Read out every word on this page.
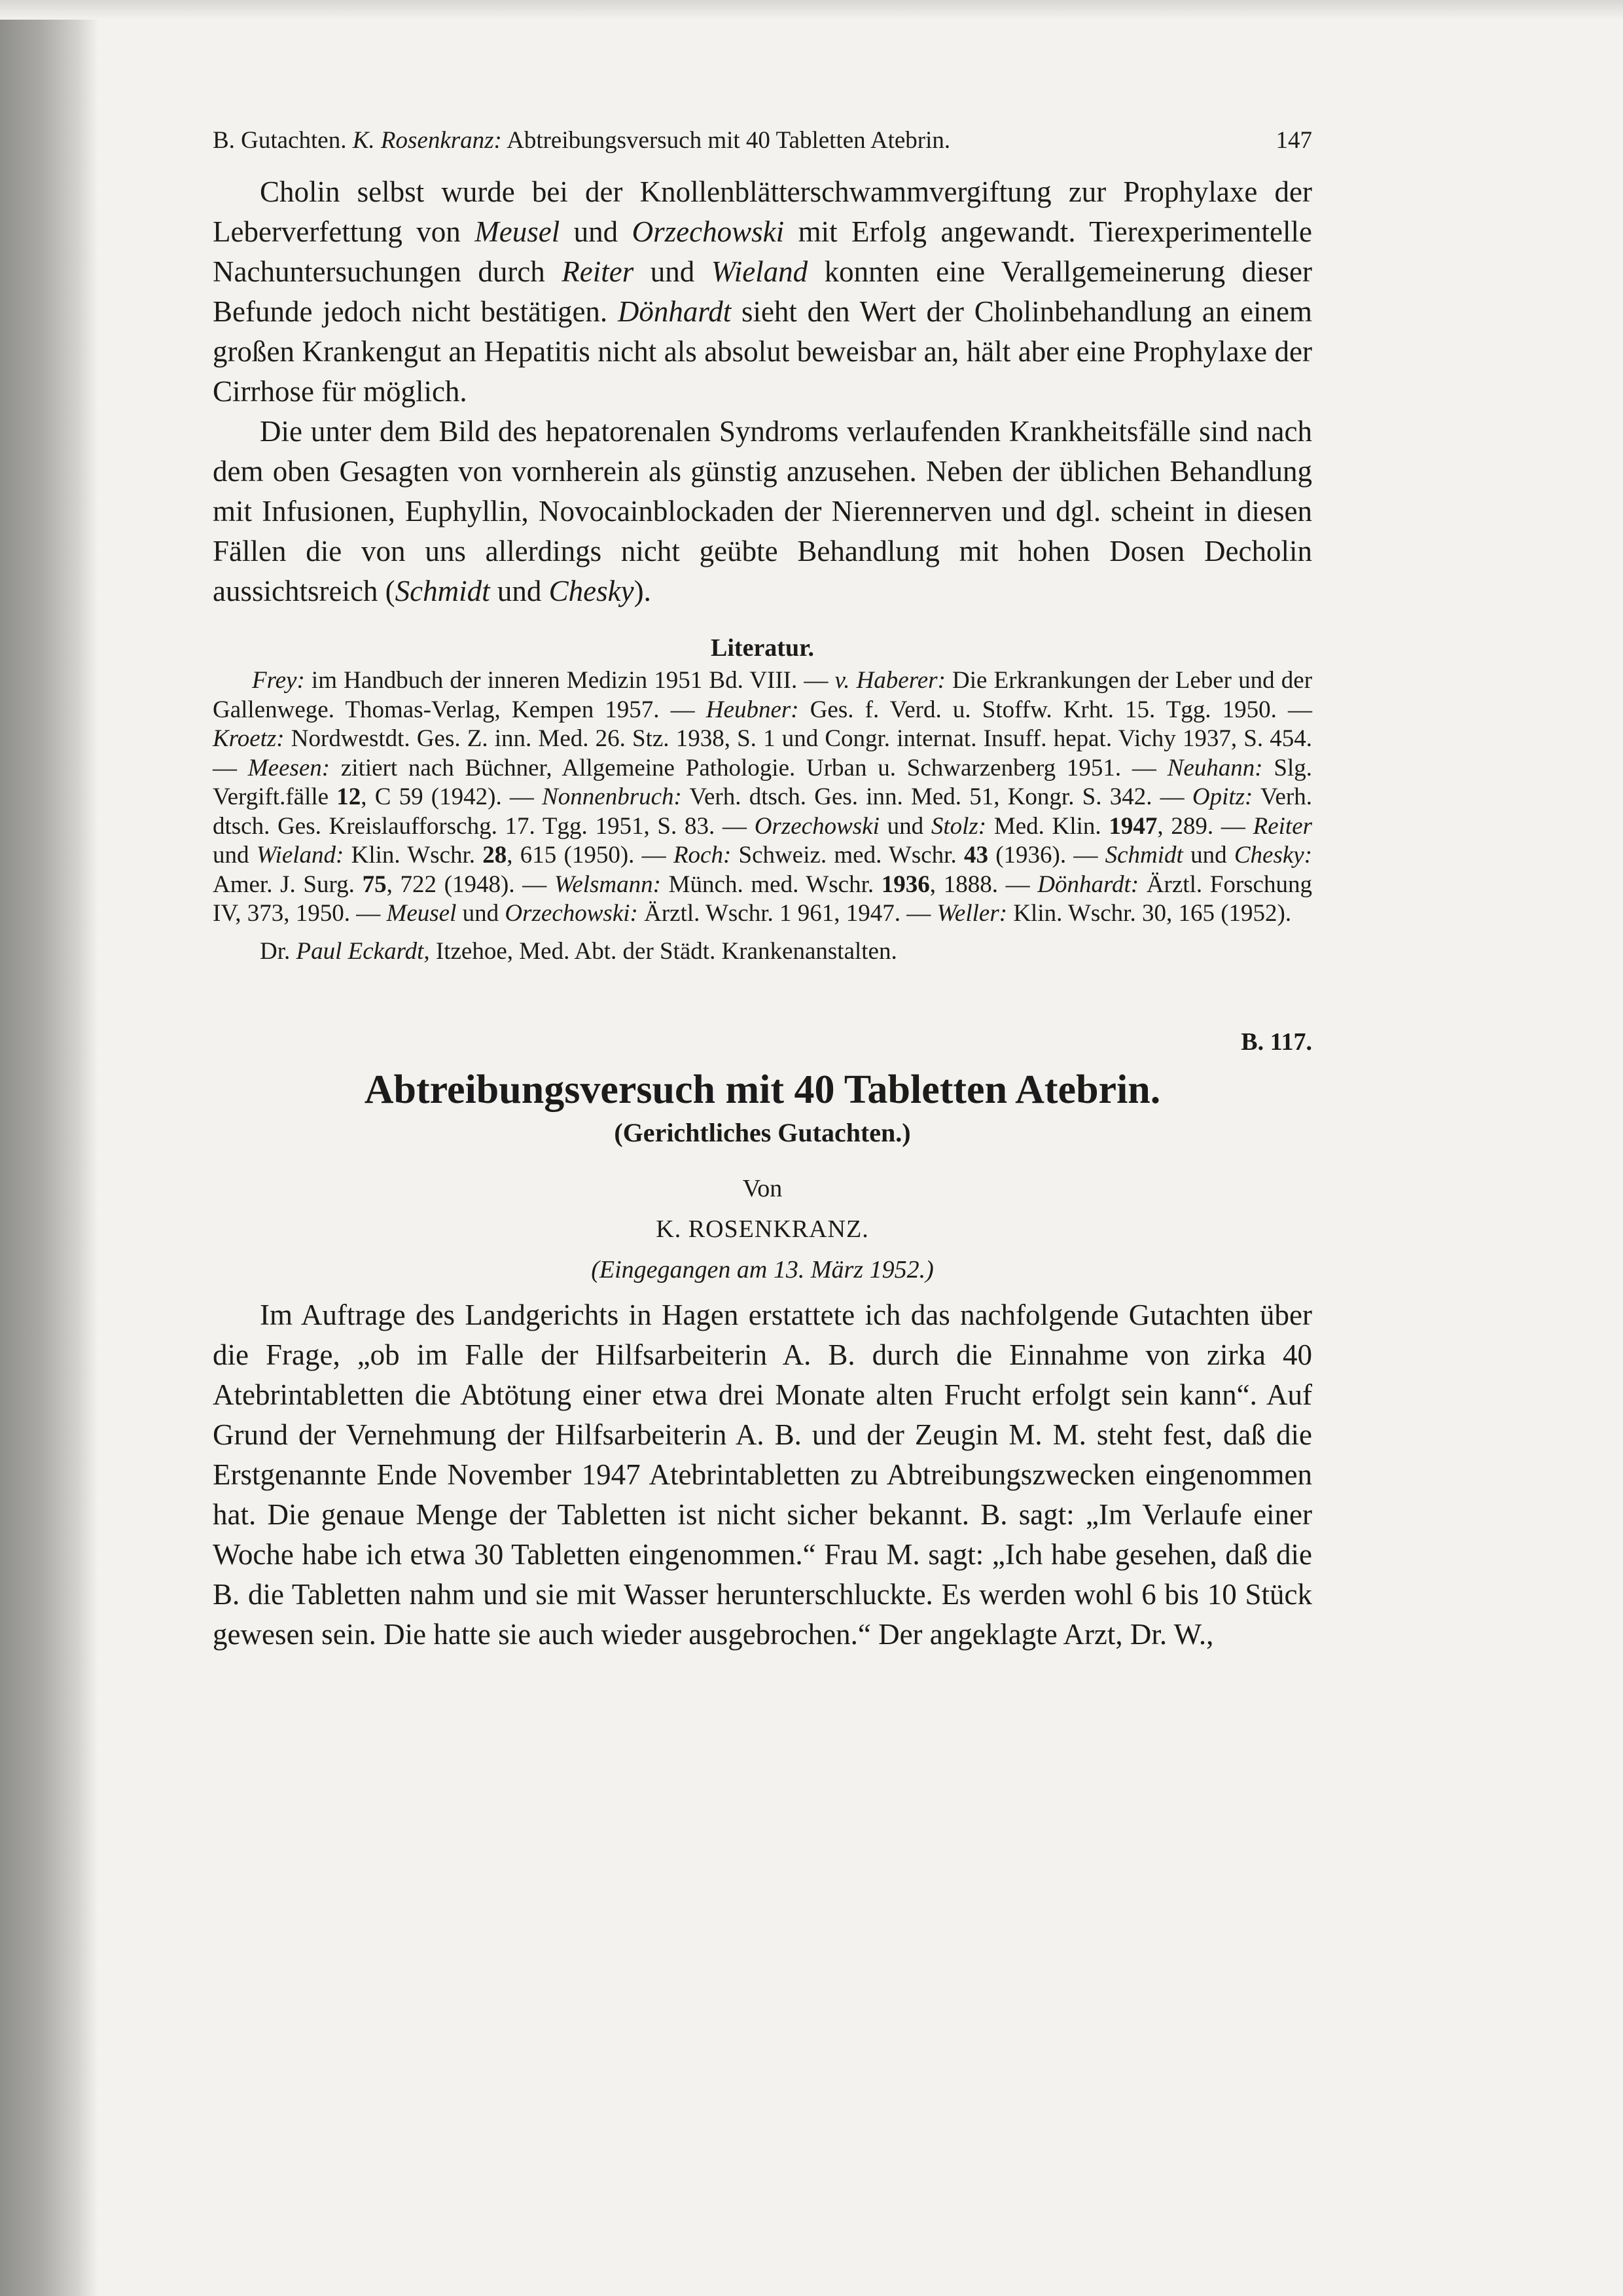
B. Gutachten. K. Rosenkranz: Abtreibungsversuch mit 40 Tabletten Atebrin.	147

Cholin selbst wurde bei der Knollenblätterschwammvergiftung zur Prophylaxe der Leberverfettung von Meusel und Orzechowski mit Erfolg angewandt. Tierexperimentelle Nachuntersuchungen durch Reiter und Wieland konnten eine Verallgemeinerung dieser Befunde jedoch nicht bestätigen. Dönhardt sieht den Wert der Cholinbehandlung an einem großen Krankengut an Hepatitis nicht als absolut beweisbar an, hält aber eine Prophylaxe der Cirrhose für möglich.

Die unter dem Bild des hepatorenalen Syndroms verlaufenden Krankheitsfälle sind nach dem oben Gesagten von vornherein als günstig anzusehen. Neben der üblichen Behandlung mit Infusionen, Euphyllin, Novocainblockaden der Nierennerven und dgl. scheint in diesen Fällen die von uns allerdings nicht geübte Behandlung mit hohen Dosen Decholin aussichtsreich (Schmidt und Chesky).

Literatur.

Frey: im Handbuch der inneren Medizin 1951 Bd. VIII. — v. Haberer: Die Erkrankungen der Leber und der Gallenwege. Thomas-Verlag, Kempen 1957. — Heubner: Ges. f. Verd. u. Stoffw. Krht. 15. Tgg. 1950. — Kroetz: Nordwestdt. Ges. Z. inn. Med. 26. Stz. 1938, S. 1 und Congr. internat. Insuff. hepat. Vichy 1937, S. 454. — Meesen: zitiert nach Büchner, Allgemeine Pathologie. Urban u. Schwarzenberg 1951. — Neuhann: Slg. Vergift.fälle 12, C 59 (1942). — Nonnenbruch: Verh. dtsch. Ges. inn. Med. 51, Kongr. S. 342. — Opitz: Verh. dtsch. Ges. Kreislaufforschg. 17. Tgg. 1951, S. 83. — Orzechowski und Stolz: Med. Klin. 1947, 289. — Reiter und Wieland: Klin. Wschr. 28, 615 (1950). — Roch: Schweiz. med. Wschr. 43 (1936). — Schmidt und Chesky: Amer. J. Surg. 75, 722 (1948). — Welsmann: Münch. med. Wschr. 1936, 1888. — Dönhardt: Ärztl. Forschung IV, 373, 1950. — Meusel und Orzechowski: Ärztl. Wschr. 1 961, 1947. — Weller: Klin. Wschr. 30, 165 (1952).

Dr. Paul Eckardt, Itzehoe, Med. Abt. der Städt. Krankenanstalten.
B. 117.
Abtreibungsversuch mit 40 Tabletten Atebrin.
(Gerichtliches Gutachten.)
Von
K. ROSENKRANZ.
(Eingegangen am 13. März 1952.)

Im Auftrage des Landgerichts in Hagen erstattete ich das nachfolgende Gutachten über die Frage, „ob im Falle der Hilfsarbeiterin A. B. durch die Einnahme von zirka 40 Atebrintabletten die Abtötung einer etwa drei Monate alten Frucht erfolgt sein kann“. Auf Grund der Vernehmung der Hilfsarbeiterin A. B. und der Zeugin M. M. steht fest, daß die Erstgenannte Ende November 1947 Atebrintabletten zu Abtreibungszwecken eingenommen hat. Die genaue Menge der Tabletten ist nicht sicher bekannt. B. sagt: „Im Verlaufe einer Woche habe ich etwa 30 Tabletten eingenommen.“ Frau M. sagt: „Ich habe gesehen, daß die B. die Tabletten nahm und sie mit Wasser herunterschluckte. Es werden wohl 6 bis 10 Stück gewesen sein. Die hatte sie auch wieder ausgebrochen.“ Der angeklagte Arzt, Dr. W.,
